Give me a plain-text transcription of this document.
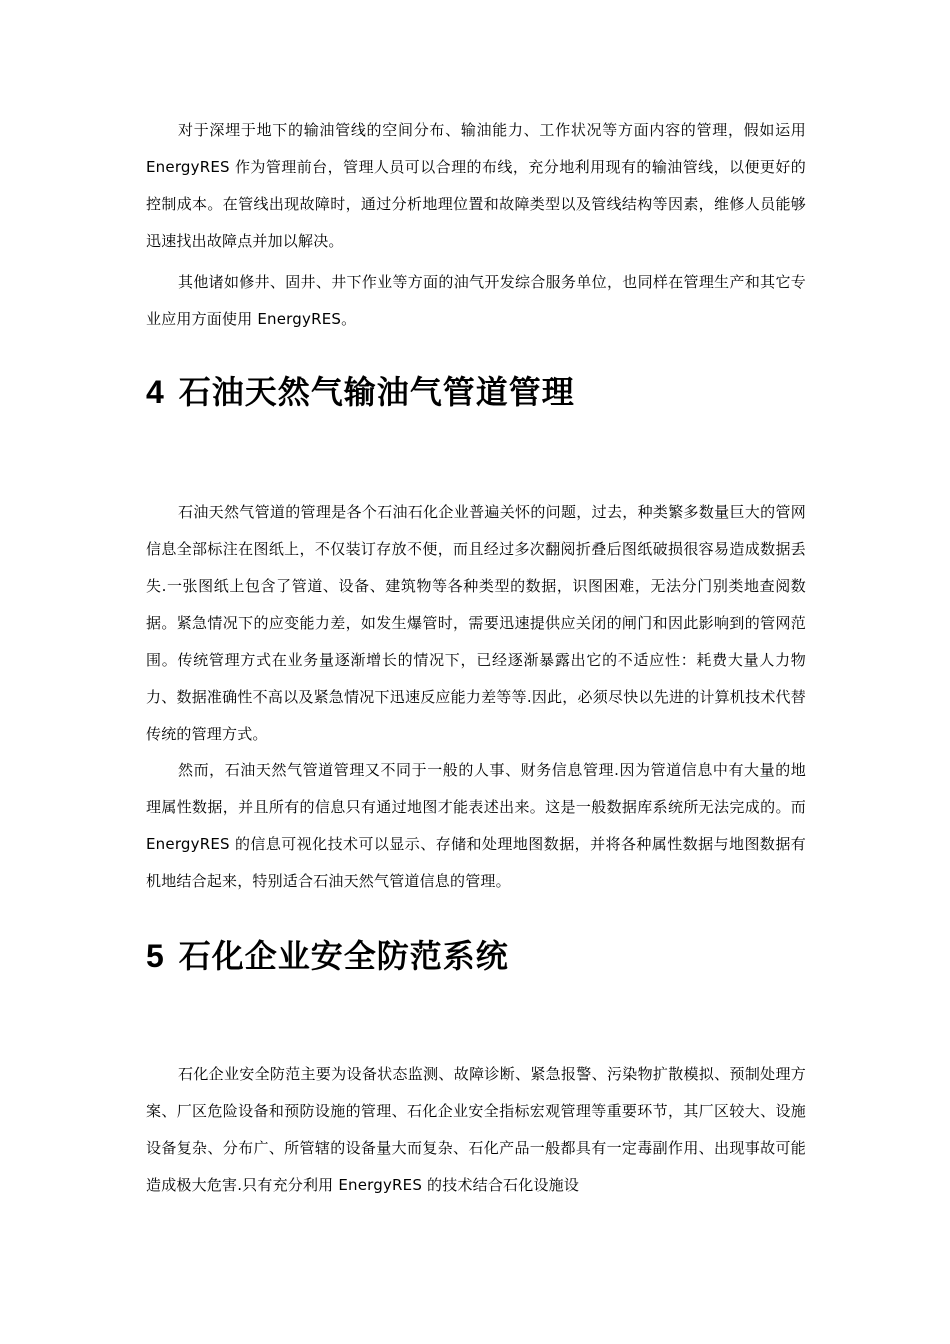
对于深埋于地下的输油管线的空间分布、输油能力、工作状况等方面内容的管理，假如运用 EnergyRES 作为管理前台，管理人员可以合理的布线，充分地利用现有的输油管线，以便更好的控制成本。在管线出现故障时，通过分析地理位置和故障类型以及管线结构等因素，维修人员能够迅速找出故障点并加以解决。

其他诸如修井、固井、井下作业等方面的油气开发综合服务单位，也同样在管理生产和其它专业应用方面使用 EnergyRES。

4 石油天然气输油气管道管理

石油天然气管道的管理是各个石油石化企业普遍关怀的问题，过去，种类繁多数量巨大的管网信息全部标注在图纸上，不仅装订存放不便，而且经过多次翻阅折叠后图纸破损很容易造成数据丢失.一张图纸上包含了管道、设备、建筑物等各种类型的数据，识图困难，无法分门别类地查阅数据。紧急情况下的应变能力差，如发生爆管时，需要迅速提供应关闭的闸门和因此影响到的管网范围。传统管理方式在业务量逐渐增长的情况下，已经逐渐暴露出它的不适应性：耗费大量人力物力、数据准确性不高以及紧急情况下迅速反应能力差等等.因此，必须尽快以先进的计算机技术代替传统的管理方式。

然而，石油天然气管道管理又不同于一般的人事、财务信息管理.因为管道信息中有大量的地理属性数据，并且所有的信息只有通过地图才能表述出来。这是一般数据库系统所无法完成的。而 EnergyRES 的信息可视化技术可以显示、存储和处理地图数据，并将各种属性数据与地图数据有机地结合起来，特别适合石油天然气管道信息的管理。

5 石化企业安全防范系统

石化企业安全防范主要为设备状态监测、故障诊断、紧急报警、污染物扩散模拟、预制处理方案、厂区危险设备和预防设施的管理、石化企业安全指标宏观管理等重要环节，其厂区较大、设施设备复杂、分布广、所管辖的设备量大而复杂、石化产品一般都具有一定毒副作用、出现事故可能造成极大危害.只有充分利用 EnergyRES 的技术结合石化设施设
